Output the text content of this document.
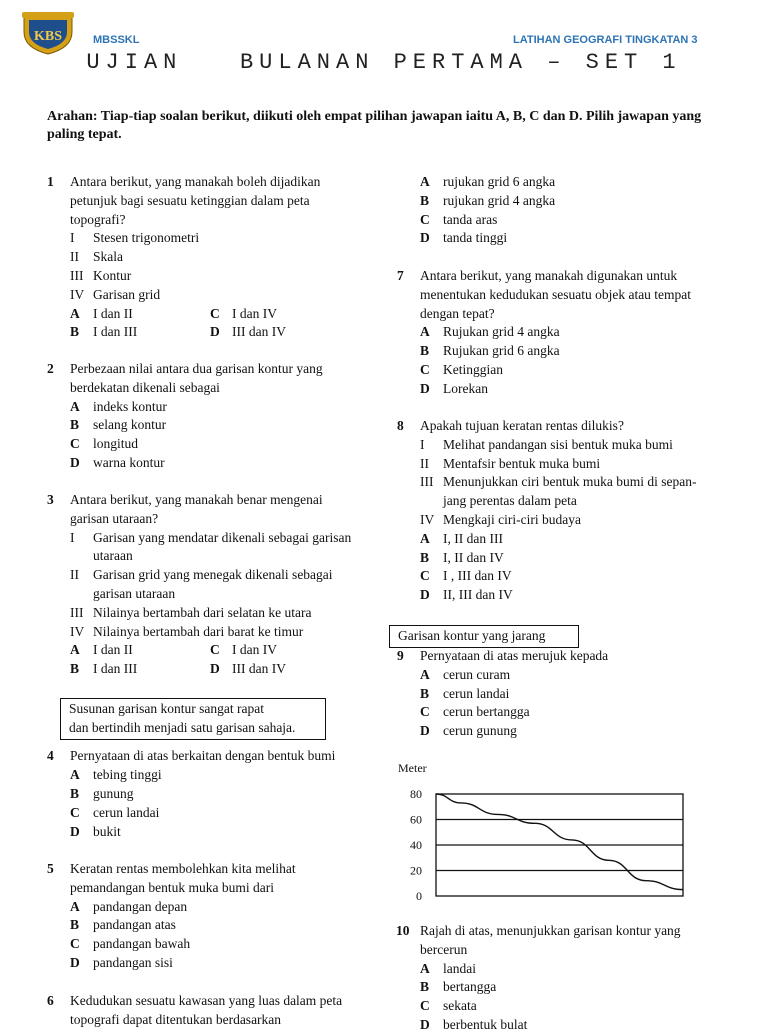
KBS	MBSSKL	LATIHAN GEOGRAFI TINGKATAN 3
UJIAN   BULANAN PERTAMA – SET 1
Arahan: Tiap-tiap soalan berikut, diikuti oleh empat pilihan jawapan iaitu A, B, C dan D. Pilih jawapan yang paling tepat.
1 Antara berikut, yang manakah boleh dijadikan
petunjuk bagi sesuatu ketinggian dalam peta
topografi?
I Stesen trigonometri
II Skala
III Kontur
IV Garisan grid
A I dan II	C I dan IV
B I dan III	D III dan IV
2 Perbezaan nilai antara dua garisan kontur yang
berdekatan dikenali sebagai
A indeks kontur
B selang kontur
C longitud
D warna kontur
3 Antara berikut, yang manakah benar mengenai
garisan utaraan?
I Garisan yang mendatar dikenali sebagai garisan
utaraan
II Garisan grid yang menegak dikenali sebagai
garisan utaraan
III Nilainya bertambah dari selatan ke utara
IV Nilainya bertambah dari barat ke timur
A I dan II	C I dan IV
B I dan III	D III dan IV
Susunan garisan kontur sangat rapat
dan bertindih menjadi satu garisan sahaja.
4 Pernyataan di atas berkaitan dengan bentuk bumi
A tebing tinggi
B gunung
C cerun landai
D bukit
5 Keratan rentas membolehkan kita melihat
pemandangan bentuk muka bumi dari
A pandangan depan
B pandangan atas
C pandangan bawah
D pandangan sisi
6 Kedudukan sesuatu kawasan yang luas dalam peta
topografi dapat ditentukan berdasarkan
A rujukan grid 6 angka
B rujukan grid 4 angka
C tanda aras
D tanda tinggi
7 Antara berikut, yang manakah digunakan untuk
menentukan kedudukan sesuatu objek atau tempat
dengan tepat?
A Rujukan grid 4 angka
B Rujukan grid 6 angka
C Ketinggian
D Lorekan
8 Apakah tujuan keratan rentas dilukis?
I Melihat pandangan sisi bentuk muka bumi
II Mentafsir bentuk muka bumi
III Menunjukkan ciri bentuk muka bumi di sepan-
jang perentas dalam peta
IV Mengkaji ciri-ciri budaya
A I, II dan III
B I, II dan IV
C I , III dan IV
D II, III dan IV
Garisan kontur yang jarang
9 Pernyataan di atas merujuk kepada
A cerun curam
B cerun landai
C cerun bertangga
D cerun gunung
10 Rajah di atas, menunjukkan garisan kontur yang
bercerun
A landai
B bertangga
C sekata
D berbentuk bulat
Meter
80
60
40
20
0
